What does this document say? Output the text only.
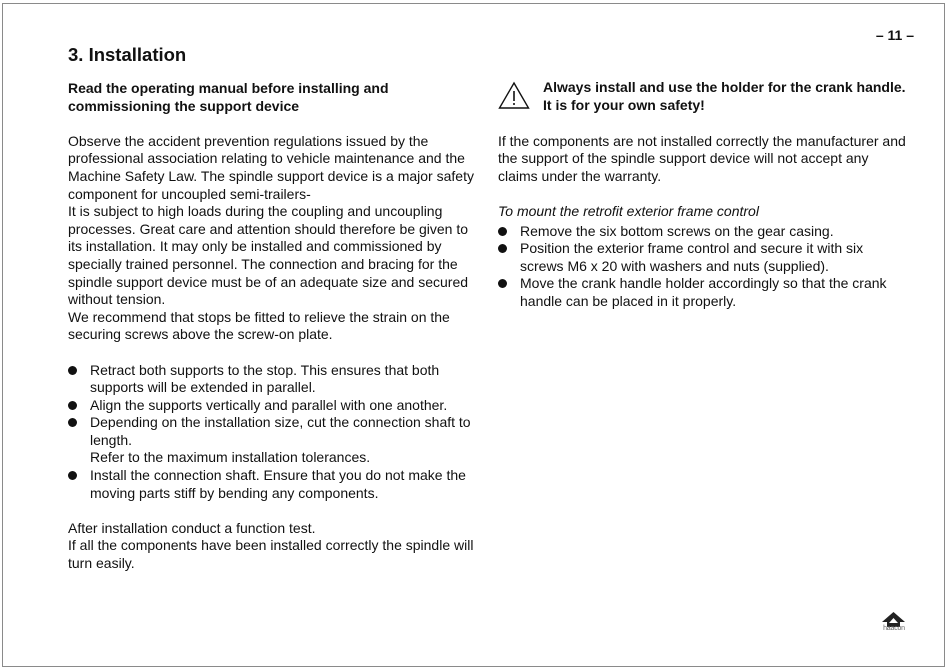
– 11 –
3. Installation

Read the operating manual before installing and commissioning the support device

Observe the accident prevention regulations issued by the professional association relating to vehicle maintenance and the Machine Safety Law. The spindle support device is a major safety component for uncoupled semi-trailers-

It is subject to high loads during the coupling and uncoupling processes. Great care and attention should therefore be given to its installation. It may only be installed and commissioned by specially trained personnel. The connection and bracing for the spindle support device must be of an adequate size and secured without tension.

We recommend that stops be fitted to relieve the strain on the securing screws above the screw-on plate.

Retract both supports to the stop. This ensures that both supports will be extended in parallel.
Align the supports vertically and parallel with one another.
Depending on the installation size, cut the connection shaft to length.
Refer to the maximum installation tolerances.
Install the connection shaft. Ensure that you do not make the moving parts stiff by bending any components.

After installation conduct a function test.

If all the components have been installed correctly the spindle will turn easily.

Always install and use the holder for the crank handle. It is for your own safety!

If the components are not installed correctly the manufacturer and the support of the spindle support device will not accept any claims under the warranty.

To mount the retrofit exterior frame control

Remove the six bottom screws on the gear casing.
Position the exterior frame control and secure it with six screws M6 x 20 with washers and nuts (supplied).
Move the crank handle holder accordingly so that the crank handle can be placed in it properly.
haacon
